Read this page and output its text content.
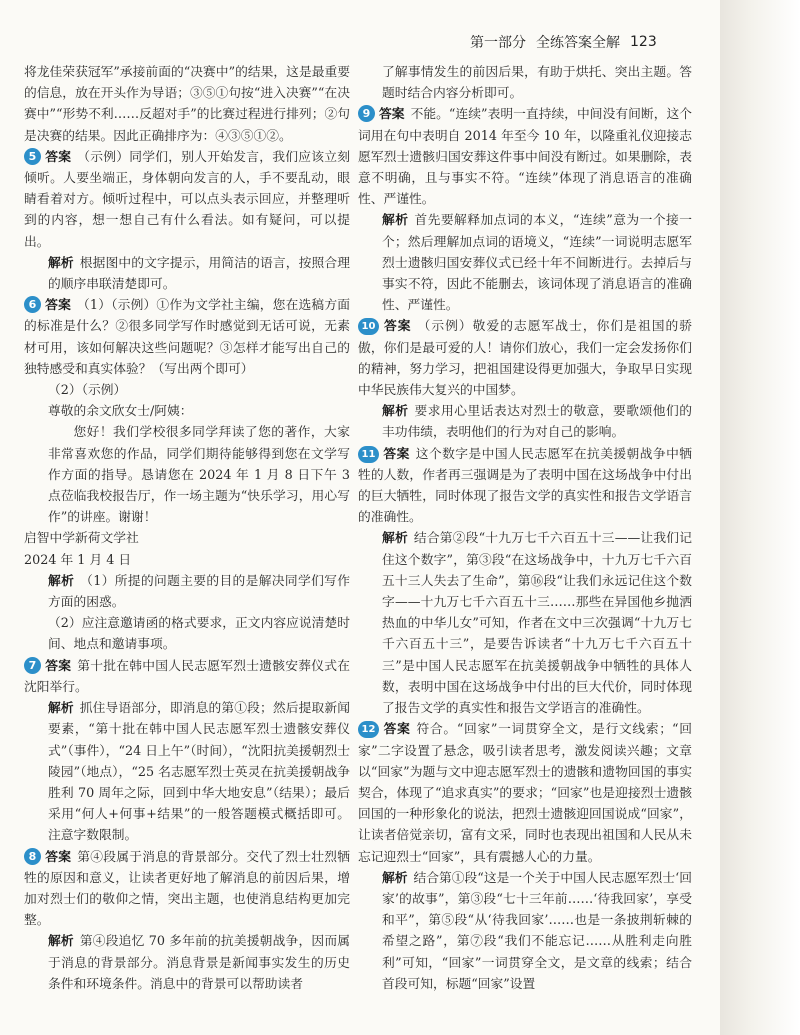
第一部分 全练答案全解 123

将龙佳荣获冠军”承接前面的“决赛中”的结果，这是最重要的信息，放在开头作为导语；③⑤①句按“进入决赛”“在决赛中”“形势不利……反超对手”的比赛过程进行排列；②句是决赛的结果。因此正确排序为：④③⑤①②。

5 答案 （示例）同学们，别人开始发言，我们应该立刻倾听。人要坐端正，身体朝向发言的人，手不要乱动，眼睛看着对方。倾听过程中，可以点头表示回应，并整理听到的内容，想一想自己有什么看法。如有疑问，可以提出。

解析 根据图中的文字提示，用简洁的语言，按照合理的顺序串联清楚即可。

6 答案 （1）（示例）①作为文学社主编，您在选稿方面的标准是什么？②很多同学写作时感觉到无话可说，无素材可用，该如何解决这些问题呢？③怎样才能写出自己的独特感受和真实体验？（写出两个即可）

（2）（示例）

尊敬的余文欣女士/阿姨：

您好！我们学校很多同学拜读了您的著作，大家非常喜欢您的作品，同学们期待能够得到您在文学写作方面的指导。恳请您在 2024 年 1 月 8 日下午 3 点莅临我校报告厅，作一场主题为“快乐学习，用心写作”的讲座。谢谢！

启智中学新荷文学社

2024 年 1 月 4 日

解析 （1）所提的问题主要的目的是解决同学们写作方面的困惑。

（2）应注意邀请函的格式要求，正文内容应说清楚时间、地点和邀请事项。

7 答案 第十批在韩中国人民志愿军烈士遗骸安葬仪式在沈阳举行。

解析 抓住导语部分，即消息的第①段；然后提取新闻要素，“第十批在韩中国人民志愿军烈士遗骸安葬仪式”（事件），“24 日上午”（时间），“沈阳抗美援朝烈士陵园”（地点），“25 名志愿军烈士英灵在抗美援朝战争胜利 70 周年之际，回到中华大地安息”（结果）；最后采用“何人+何事+结果”的一般答题模式概括即可。注意字数限制。

8 答案 第④段属于消息的背景部分。交代了烈士壮烈牺牲的原因和意义，让读者更好地了解消息的前因后果，增加对烈士们的敬仰之情，突出主题，也使消息结构更加完整。

解析 第④段追忆 70 多年前的抗美援朝战争，因而属于消息的背景部分。消息背景是新闻事实发生的历史条件和环境条件。消息中的背景可以帮助读者

了解事情发生的前因后果，有助于烘托、突出主题。答题时结合内容分析即可。

9 答案 不能。“连续”表明一直持续，中间没有间断，这个词用在句中表明自 2014 年至今 10 年，以隆重礼仪迎接志愿军烈士遗骸归国安葬这件事中间没有断过。如果删除，表意不明确，且与事实不符。“连续”体现了消息语言的准确性、严谨性。

解析 首先要解释加点词的本义，“连续”意为一个接一个；然后理解加点词的语境义，“连续”一词说明志愿军烈士遗骸归国安葬仪式已经十年不间断进行。去掉后与事实不符，因此不能删去，该词体现了消息语言的准确性、严谨性。

10 答案 （示例）敬爱的志愿军战士，你们是祖国的骄傲，你们是最可爱的人！请你们放心，我们一定会发扬你们的精神，努力学习，把祖国建设得更加强大，争取早日实现中华民族伟大复兴的中国梦。

解析 要求用心里话表达对烈士的敬意，要歌颂他们的丰功伟绩，表明他们的行为对自己的影响。

11 答案 这个数字是中国人民志愿军在抗美援朝战争中牺牲的人数，作者再三强调是为了表明中国在这场战争中付出的巨大牺牲，同时体现了报告文学的真实性和报告文学语言的准确性。

解析 结合第②段“十九万七千六百五十三——让我们记住这个数字”，第③段“在这场战争中，十九万七千六百五十三人失去了生命”，第⑯段“让我们永远记住这个数字——十九万七千六百五十三……那些在异国他乡抛洒热血的中华儿女”可知，作者在文中三次强调“十九万七千六百五十三”，是要告诉读者“十九万七千六百五十三”是中国人民志愿军在抗美援朝战争中牺牲的具体人数，表明中国在这场战争中付出的巨大代价，同时体现了报告文学的真实性和报告文学语言的准确性。

12 答案 符合。“回家”一词贯穿全文，是行文线索；“回家”二字设置了悬念，吸引读者思考，激发阅读兴趣；文章以“回家”为题与文中迎志愿军烈士的遗骸和遗物回国的事实契合，体现了“追求真实”的要求；“回家”也是迎接烈士遗骸回国的一种形象化的说法，把烈士遗骸迎回国说成“回家”，让读者倍觉亲切，富有文采，同时也表现出祖国和人民从未忘记迎烈士“回家”，具有震撼人心的力量。

解析 结合第①段“这是一个关于中国人民志愿军烈士‘回家’的故事”，第③段“七十三年前……‘待我回家’，享受和平”，第⑤段“从‘待我回家’……也是一条披荆斩棘的希望之路”，第⑦段“我们不能忘记……从胜利走向胜利”可知，“回家”一词贯穿全文，是文章的线索；结合首段可知，标题“回家”设置
